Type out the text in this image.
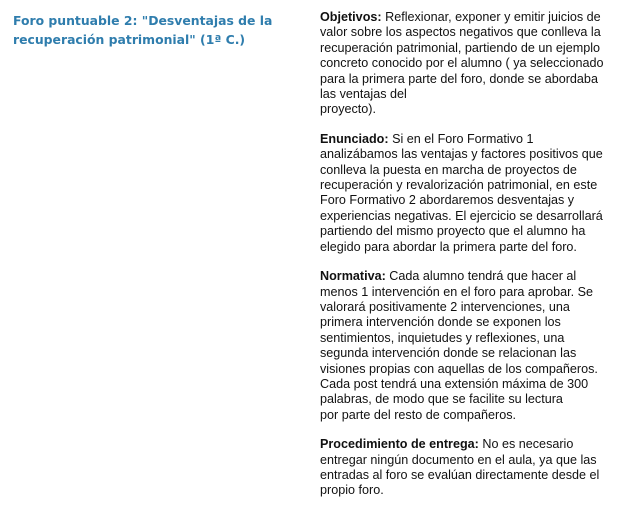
Foro puntuable 2: "Desventajas de la
recuperación patrimonial" (1ª C.)
Objetivos: Reflexionar, exponer y emitir juicios de
valor sobre los aspectos negativos que conlleva la
recuperación patrimonial, partiendo de un ejemplo
concreto conocido por el alumno ( ya seleccionado
para la primera parte del foro, donde se abordaba
las ventajas del
proyecto).
Enunciado: Si en el Foro Formativo 1
analizábamos las ventajas y factores positivos que
conlleva la puesta en marcha de proyectos de
recuperación y revalorización patrimonial, en este
Foro Formativo 2 abordaremos desventajas y
experiencias negativas. El ejercicio se desarrollará
partiendo del mismo proyecto que el alumno ha
elegido para abordar la primera parte del foro.
Normativa: Cada alumno tendrá que hacer al
menos 1 intervención en el foro para aprobar. Se
valorará positivamente 2 intervenciones, una
primera intervención donde se exponen los
sentimientos, inquietudes y reflexiones, una
segunda intervención donde se relacionan las
visiones propias con aquellas de los compañeros.
Cada post tendrá una extensión máxima de 300
palabras, de modo que se facilite su lectura
por parte del resto de compañeros.
Procedimiento de entrega: No es necesario
entregar ningún documento en el aula, ya que las
entradas al foro se evalúan directamente desde el
propio foro.
